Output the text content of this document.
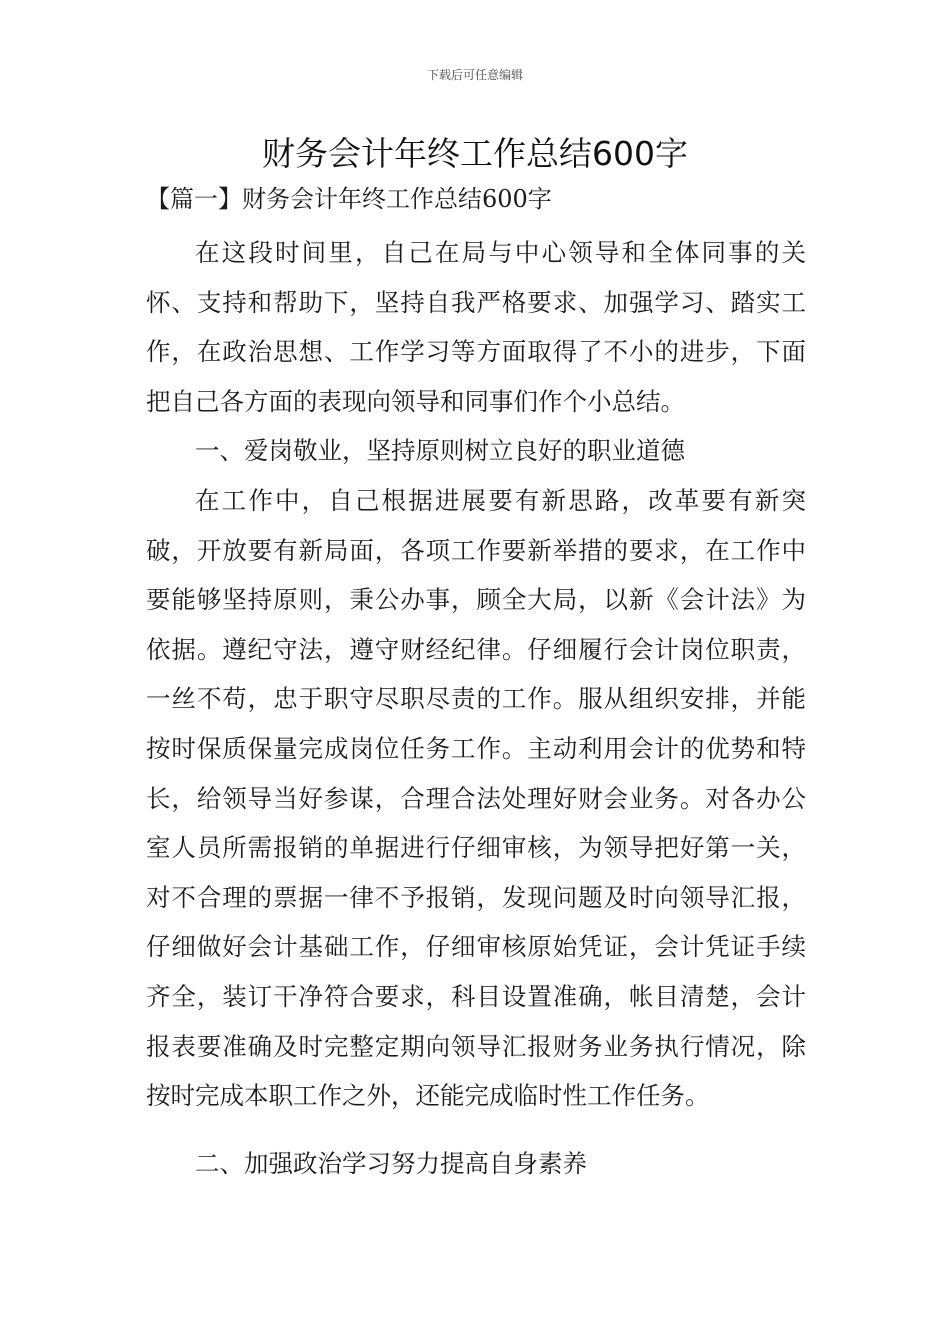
下载后可任意编辑
财务会计年终工作总结600字
【篇一】财务会计年终工作总结600字

在这段时间里，自己在局与中心领导和全体同事的关怀、支持和帮助下，坚持自我严格要求、加强学习、踏实工作，在政治思想、工作学习等方面取得了不小的进步，下面把自己各方面的表现向领导和同事们作个小总结。

一、爱岗敬业，坚持原则树立良好的职业道德

在工作中，自己根据进展要有新思路，改革要有新突破，开放要有新局面，各项工作要新举措的要求，在工作中要能够坚持原则，秉公办事，顾全大局，以新《会计法》为依据。遵纪守法，遵守财经纪律。仔细履行会计岗位职责，一丝不苟，忠于职守尽职尽责的工作。服从组织安排，并能按时保质保量完成岗位任务工作。主动利用会计的优势和特长，给领导当好参谋，合理合法处理好财会业务。对各办公室人员所需报销的单据进行仔细审核，为领导把好第一关，对不合理的票据一律不予报销，发现问题及时向领导汇报，仔细做好会计基础工作，仔细审核原始凭证，会计凭证手续齐全，装订干净符合要求，科目设置准确，帐目清楚，会计报表要准确及时完整定期向领导汇报财务业务执行情况，除按时完成本职工作之外，还能完成临时性工作任务。

二、加强政治学习努力提高自身素养
